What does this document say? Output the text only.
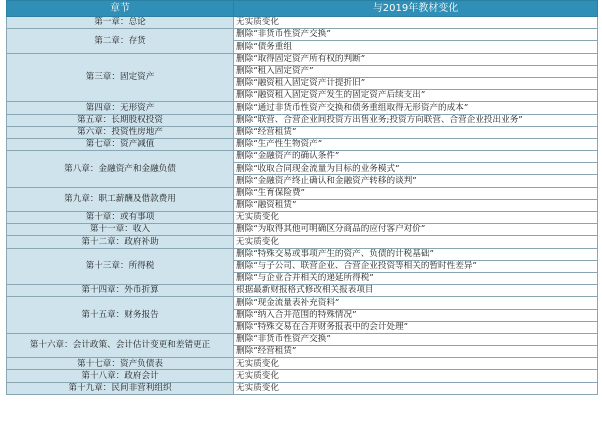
章节	与2019年教材变化
第一章：总论	无实质变化
第二章：存货	删除“非货币性资产交换”
	删除“债务重组
第三章：固定资产	删除“取得固定资产所有权的判断”
	删除“租入固定资产”
	删除“融资租入固定资产计提折旧”
	删除“融资租入固定资产发生的固定资产后续支出”
第四章：无形资产	删除“通过非货币性资产交换和债务重组取得无形资产的成本”
第五章：长期股权投资	删除“联营、合营企业间投资方出售业务;投资方向联营、合营企业投出业务”
第六章：投资性房地产	删除“经营租赁”
第七章：资产减值	删除“生产性生物资产”
第八章：金融资产和金融负债	删除“金融资产的确认条件”
	删除“收取合同现金流量为目标的业务模式”
	删除“金融资产终止确认和金融资产转移的谈判”
第九章：职工薪酬及借款费用	删除“生育保险费”
	删除“融资租赁”
第十章：或有事项	无实质变化
第十一章：收入	删除“为取得其他可明确区分商品的应付客户对价”
第十二章：政府补助	无实质变化
第十三章：所得税	删除“特殊交易或事项产生的资产、负债的计税基础”
	删除“与子公司、联营企业、合营企业投资等相关的暂时性差异”
	删除“与企业合并相关的递延所得税”
第十四章：外币折算	根据最新财报格式修改相关报表项目
第十五章：财务报告	删除“现金流量表补充资料”
	删除“纳入合并范围的特殊情况”
	删除“特殊交易在合并财务报表中的会计处理”
第十六章：会计政策、会计估计变更和差错更正	删除“非货币性资产交换”
	删除“经营租赁”
第十七章：资产负债表	无实质变化
第十八章：政府会计	无实质变化
第十九章：民间非营利组织	无实质变化
